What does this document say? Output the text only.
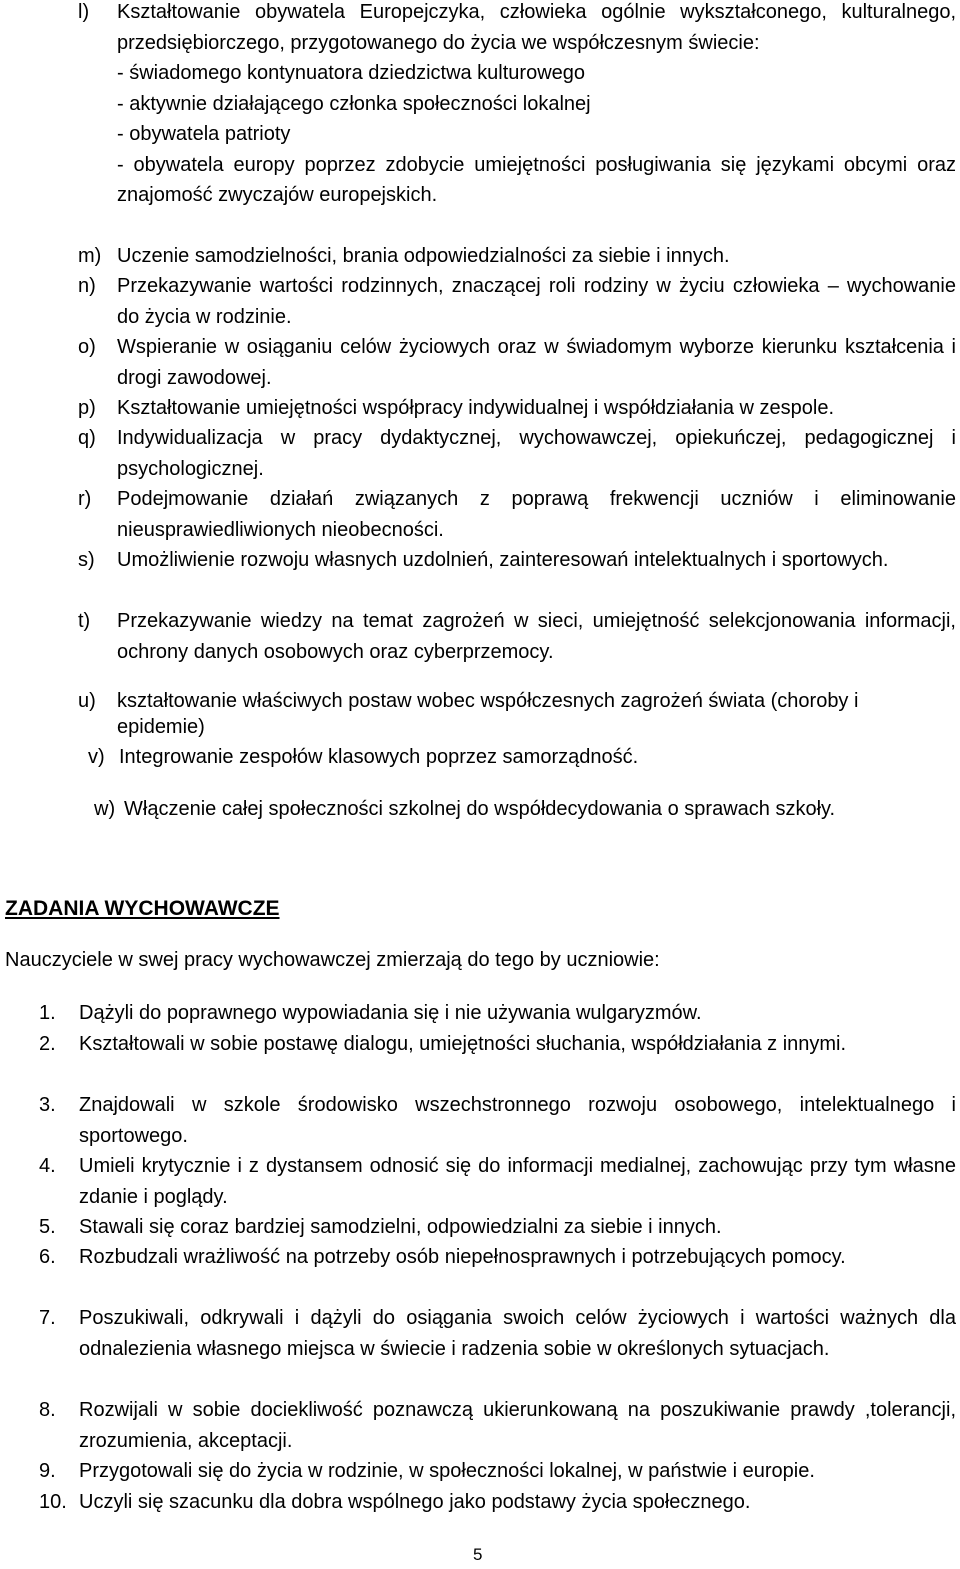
l) Kształtowanie obywatela Europejczyka, człowieka ogólnie wykształconego, kulturalnego, przedsiębiorczego, przygotowanego do życia we współczesnym świecie:
- świadomego kontynuatora dziedzictwa kulturowego
- aktywnie działającego członka społeczności lokalnej
- obywatela patrioty
- obywatela europy poprzez zdobycie umiejętności posługiwania się językami obcymi oraz znajomość zwyczajów europejskich.
m) Uczenie samodzielności, brania odpowiedzialności za siebie i innych.
n) Przekazywanie wartości rodzinnych, znaczącej roli rodziny w życiu człowieka – wychowanie do życia w rodzinie.
o) Wspieranie w osiąganiu celów życiowych oraz w świadomym wyborze kierunku kształcenia i drogi zawodowej.
p) Kształtowanie umiejętności współpracy indywidualnej i współdziałania w zespole.
q) Indywidualizacja w pracy dydaktycznej, wychowawczej, opiekuńczej, pedagogicznej i psychologicznej.
r) Podejmowanie działań związanych z poprawą frekwencji uczniów i eliminowanie nieusprawiedliwionych nieobecności.
s) Umożliwienie rozwoju własnych uzdolnień, zainteresowań intelektualnych i sportowych.
t) Przekazywanie wiedzy na temat zagrożeń w sieci, umiejętność selekcjonowania informacji, ochrony danych osobowych oraz cyberprzemocy.
u) kształtowanie właściwych postaw wobec współczesnych zagrożeń świata (choroby i epidemie)
v) Integrowanie zespołów klasowych poprzez samorządność.
w) Włączenie całej społeczności szkolnej do współdecydowania o sprawach szkoły.
ZADANIA WYCHOWAWCZE
Nauczyciele w swej pracy wychowawczej zmierzają do tego by uczniowie:
1. Dążyli do poprawnego wypowiadania się i nie używania wulgaryzmów.
2. Kształtowali w sobie postawę dialogu, umiejętności słuchania, współdziałania z innymi.
3. Znajdowali w szkole środowisko wszechstronnego rozwoju osobowego, intelektualnego i sportowego.
4. Umieli krytycznie i z dystansem odnosić się do informacji medialnej, zachowując przy tym własne zdanie i poglądy.
5. Stawali się coraz bardziej samodzielni, odpowiedzialni za siebie i innych.
6. Rozbudzali wrażliwość na potrzeby osób niepełnosprawnych i potrzebujących pomocy.
7. Poszukiwali, odkrywali i dążyli do osiągania swoich celów życiowych i wartości ważnych dla odnalezienia własnego miejsca w świecie i radzenia sobie w określonych sytuacjach.
8. Rozwijali w sobie dociekliwość poznawczą ukierunkowaną na poszukiwanie prawdy ,tolerancji, zrozumienia, akceptacji.
9. Przygotowali się do życia w rodzinie, w społeczności lokalnej, w państwie i europie.
10. Uczyli się szacunku dla dobra wspólnego jako podstawy życia społecznego.
5
